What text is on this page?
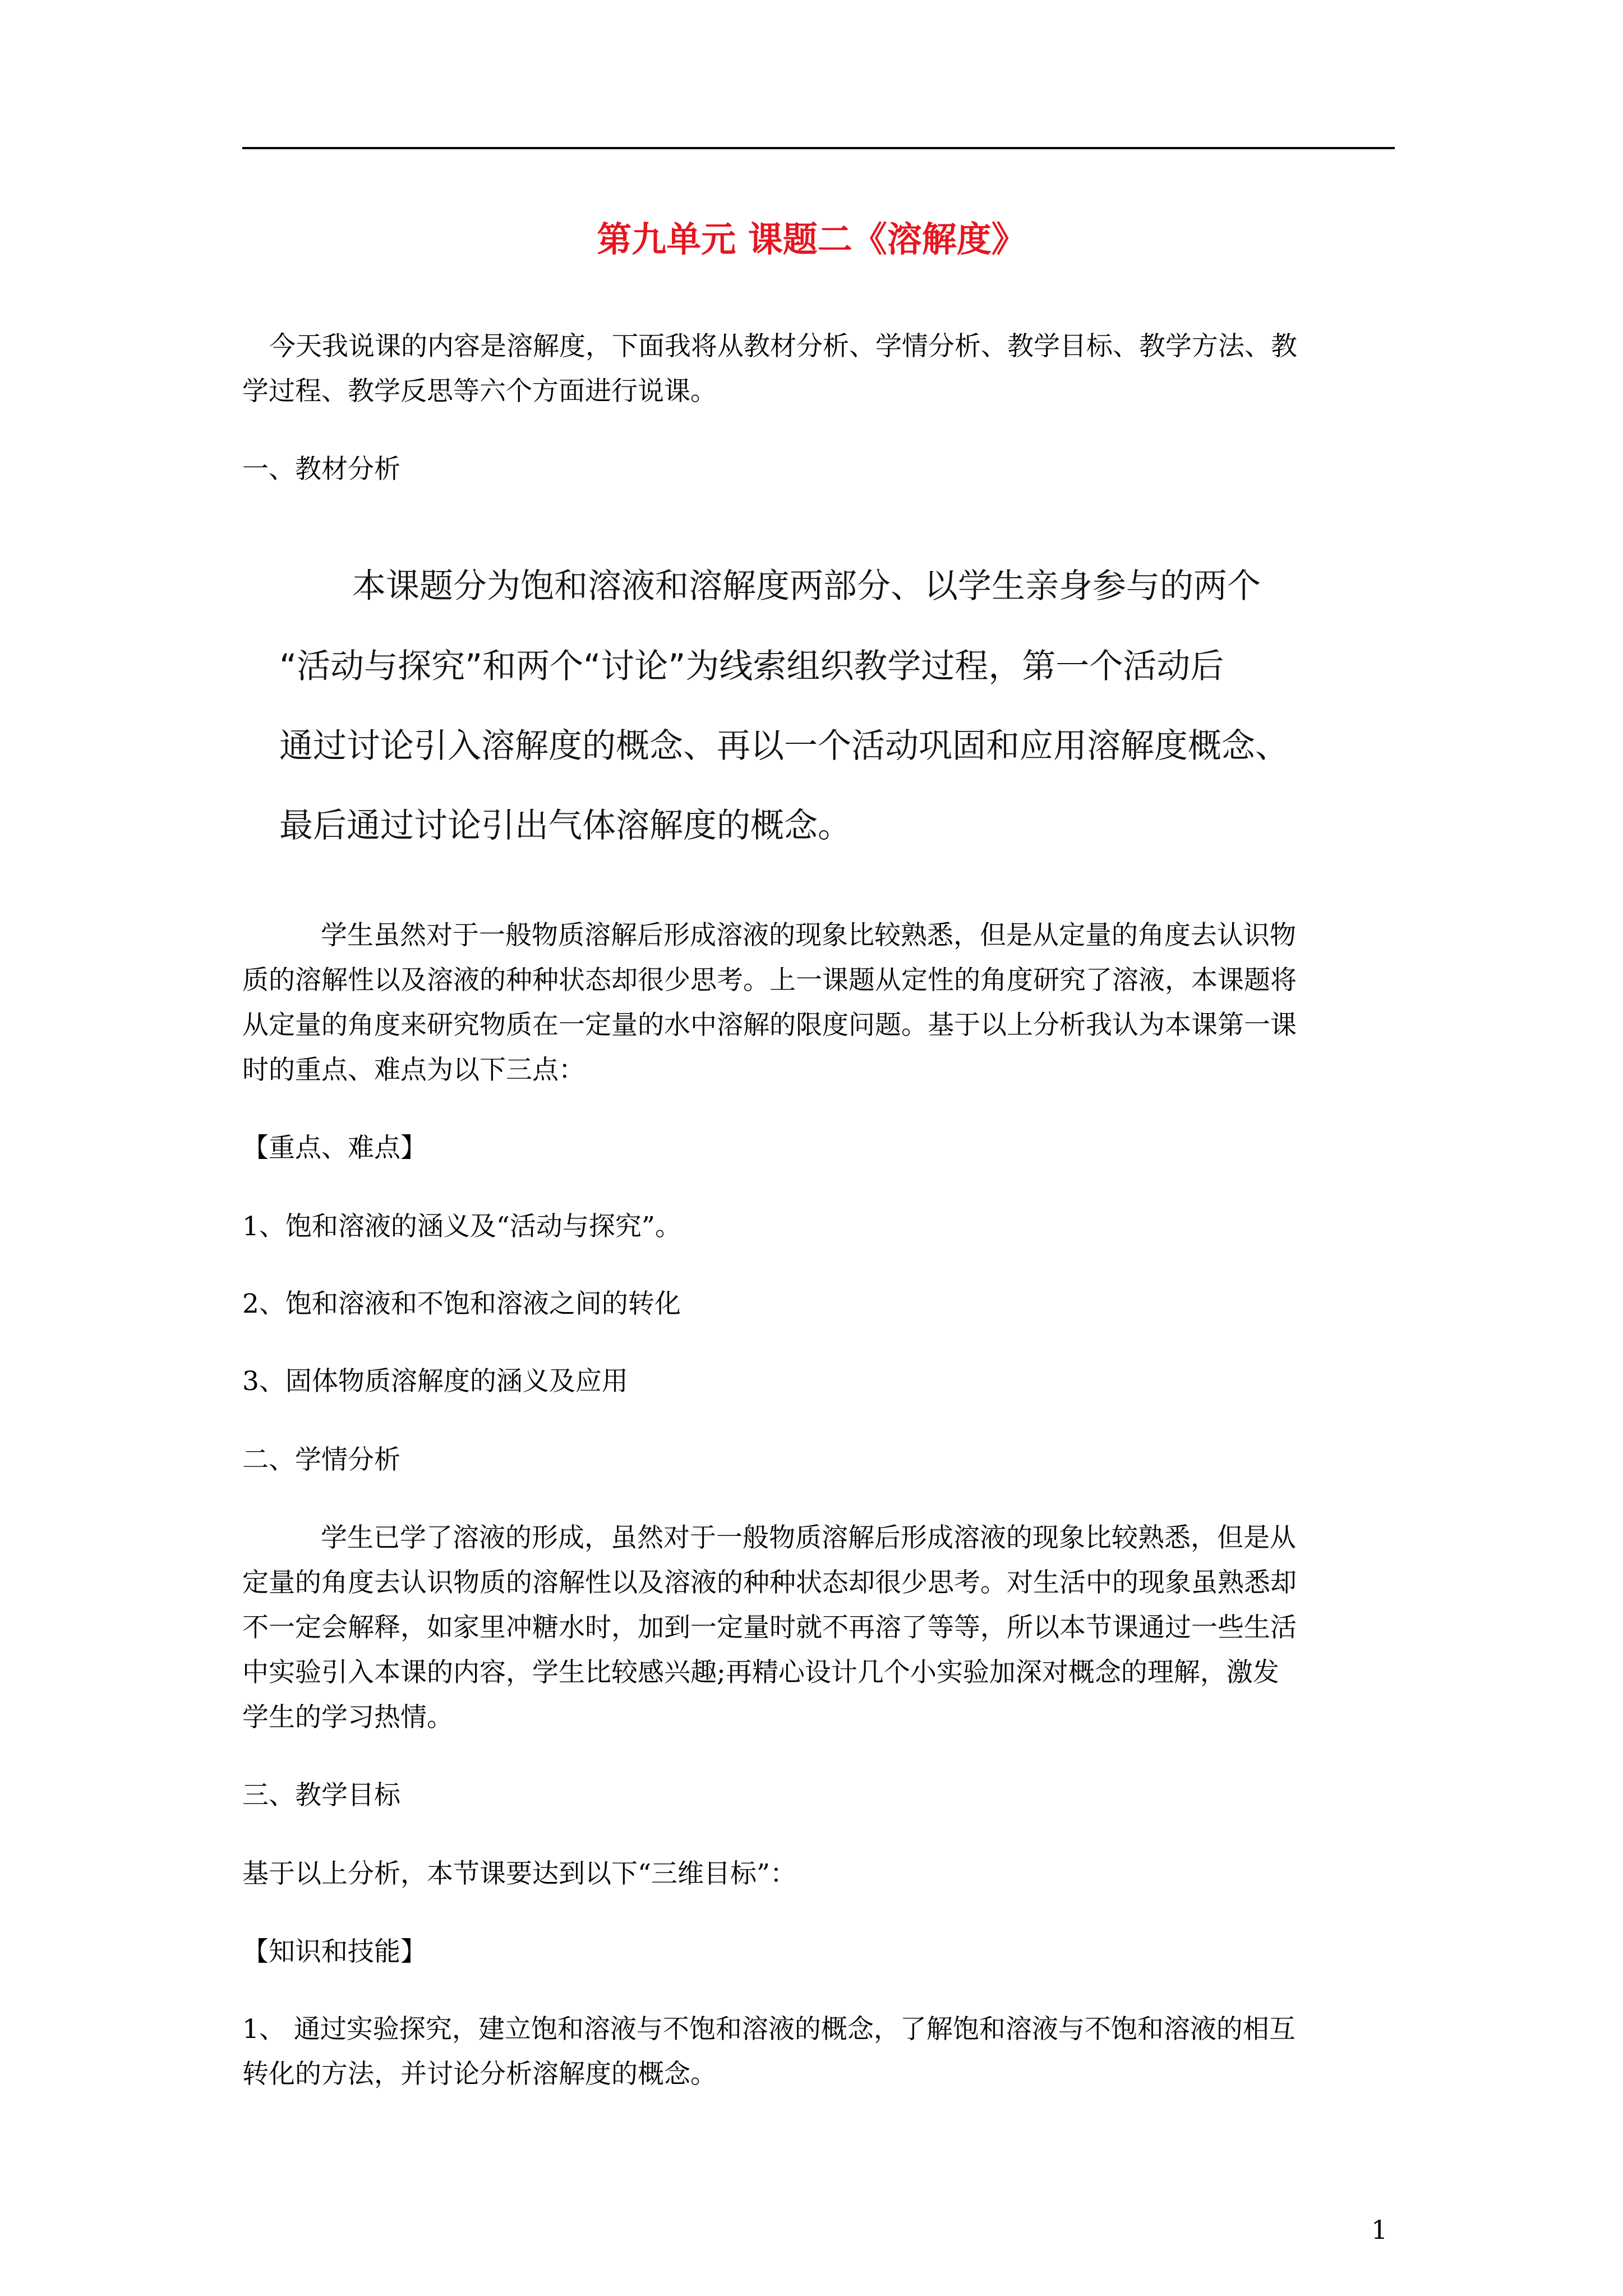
第九单元 课题二《溶解度》
今天我说课的内容是溶解度，下面我将从教材分析、学情分析、教学目标、教学方法、教
学过程、教学反思等六个方面进行说课。
一、教材分析
本课题分为饱和溶液和溶解度两部分、以学生亲身参与的两个
“活动与探究”和两个“讨论”为线索组织教学过程，第一个活动后
通过讨论引入溶解度的概念、再以一个活动巩固和应用溶解度概念、
最后通过讨论引出气体溶解度的概念。
学生虽然对于一般物质溶解后形成溶液的现象比较熟悉，但是从定量的角度去认识物
质的溶解性以及溶液的种种状态却很少思考。上一课题从定性的角度研究了溶液，本课题将
从定量的角度来研究物质在一定量的水中溶解的限度问题。基于以上分析我认为本课第一课
时的重点、难点为以下三点：
【重点、难点】
1、饱和溶液的涵义及“活动与探究”。
2、饱和溶液和不饱和溶液之间的转化
3、固体物质溶解度的涵义及应用
二、学情分析
学生已学了溶液的形成，虽然对于一般物质溶解后形成溶液的现象比较熟悉，但是从
定量的角度去认识物质的溶解性以及溶液的种种状态却很少思考。对生活中的现象虽熟悉却
不一定会解释，如家里冲糖水时，加到一定量时就不再溶了等等，所以本节课通过一些生活
中实验引入本课的内容，学生比较感兴趣;再精心设计几个小实验加深对概念的理解，激发
学生的学习热情。
三、教学目标
基于以上分析，本节课要达到以下“三维目标”：
【知识和技能】
1、 通过实验探究，建立饱和溶液与不饱和溶液的概念，了解饱和溶液与不饱和溶液的相互
转化的方法，并讨论分析溶解度的概念。
1
